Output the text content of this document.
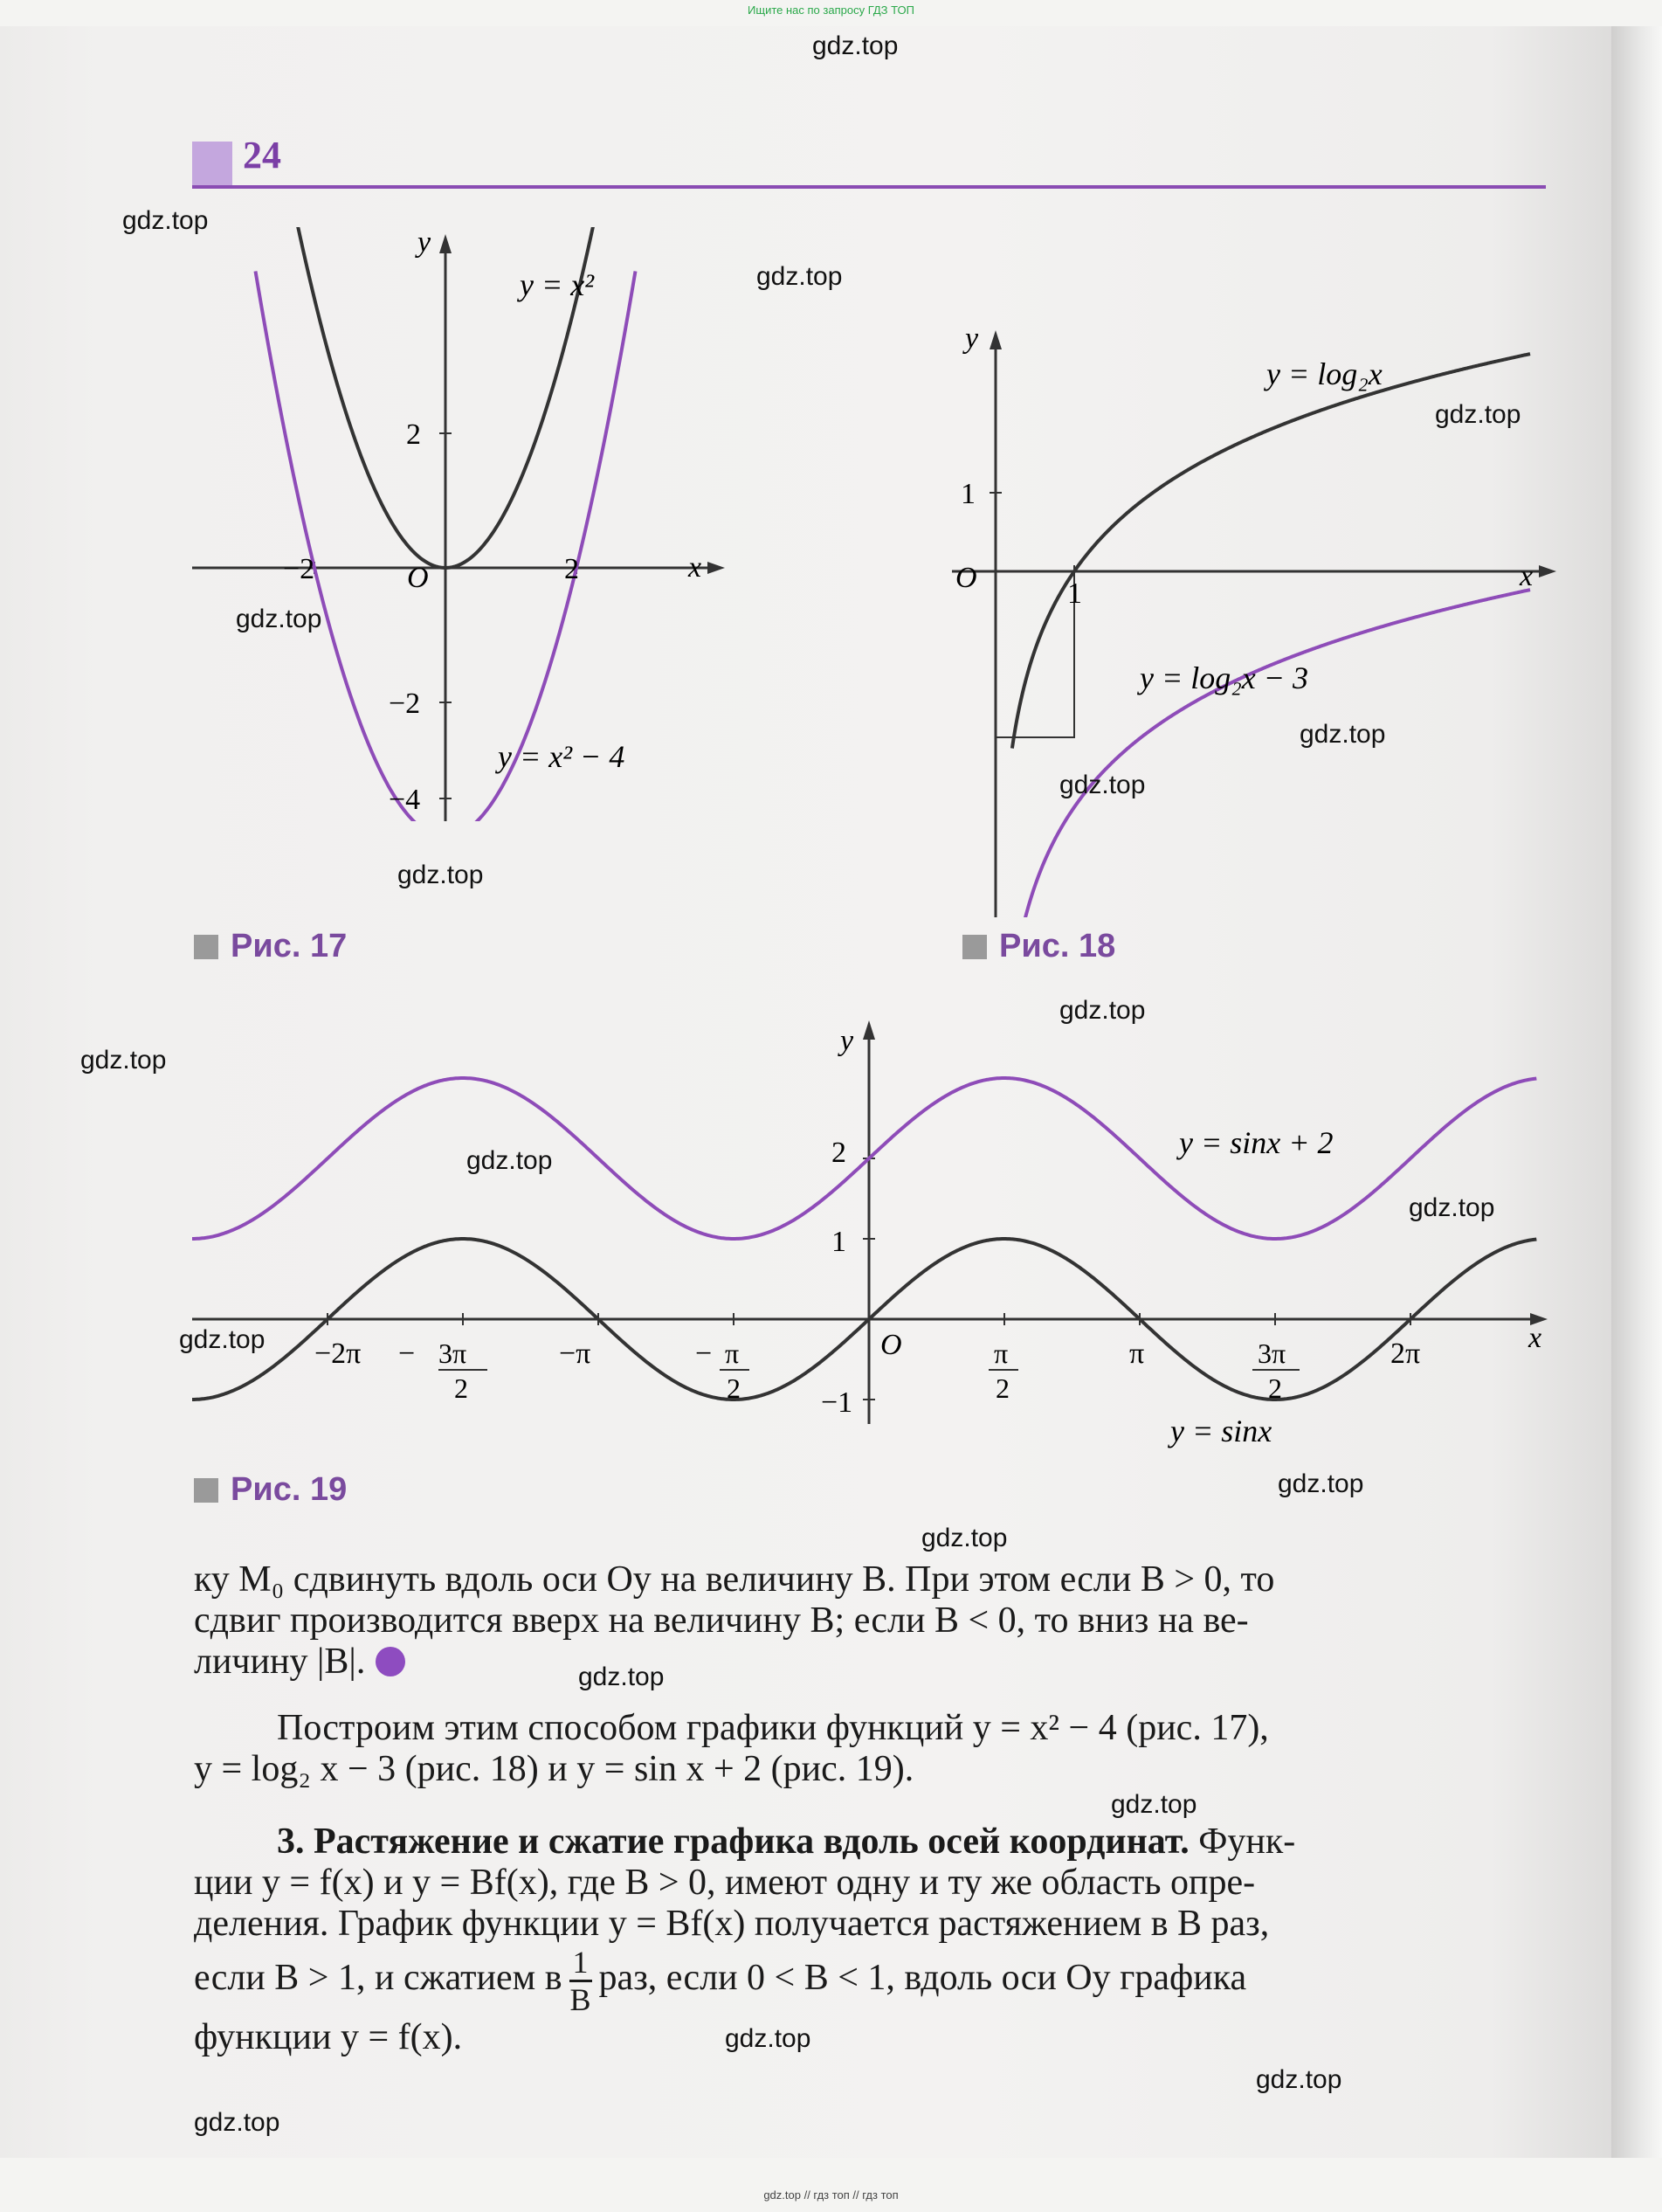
Ищите нас по запросу ГДЗ ТОП
24
y
x
O
y = x²
y = x² − 4
−2	2
2
−2
−4
Рис. 17
y
x
O
y = log₂x
y = log₂x − 3
1
1
Рис. 18
y
x
O
y = sinx + 2
y = sinx
2
1
−1
−2π − 3π
2
−π	− π
2
π
2
π	3π
2
2π
Рис. 19

ку M₀ сдвинуть вдоль оси Oy на величину B. При этом если B > 0, то

сдвиг производится вверх на величину B; если B < 0, то вниз на ве-

личину |B|.

Построим этим способом графики функций y = x² − 4 (рис. 17),

y = log₂ x − 3 (рис. 18) и y = sin x + 2 (рис. 19).

3. Растяжение и сжатие графика вдоль осей координат. Функ-

ции y = f(x) и y = Bf(x), где B > 0, имеют одну и ту же область опре-

деления. График функции y = Bf(x) получается растяжением в B раз,

если B > 1, и сжатием в $\frac{1}{B}$ раз, если 0 < B < 1, вдоль оси Oy графика

функции y = f(x).

gdz.top
gdz.top
gdz.top
gdz.top
gdz.top
gdz.top
gdz.top
gdz.top
gdz.top
gdz.top
gdz.top
gdz.top
gdz.top
gdz.top
gdz.top
gdz.top
gdz.top
gdz.top
gdz.top
gdz.top
gdz.top // гдз топ // гдз топ
